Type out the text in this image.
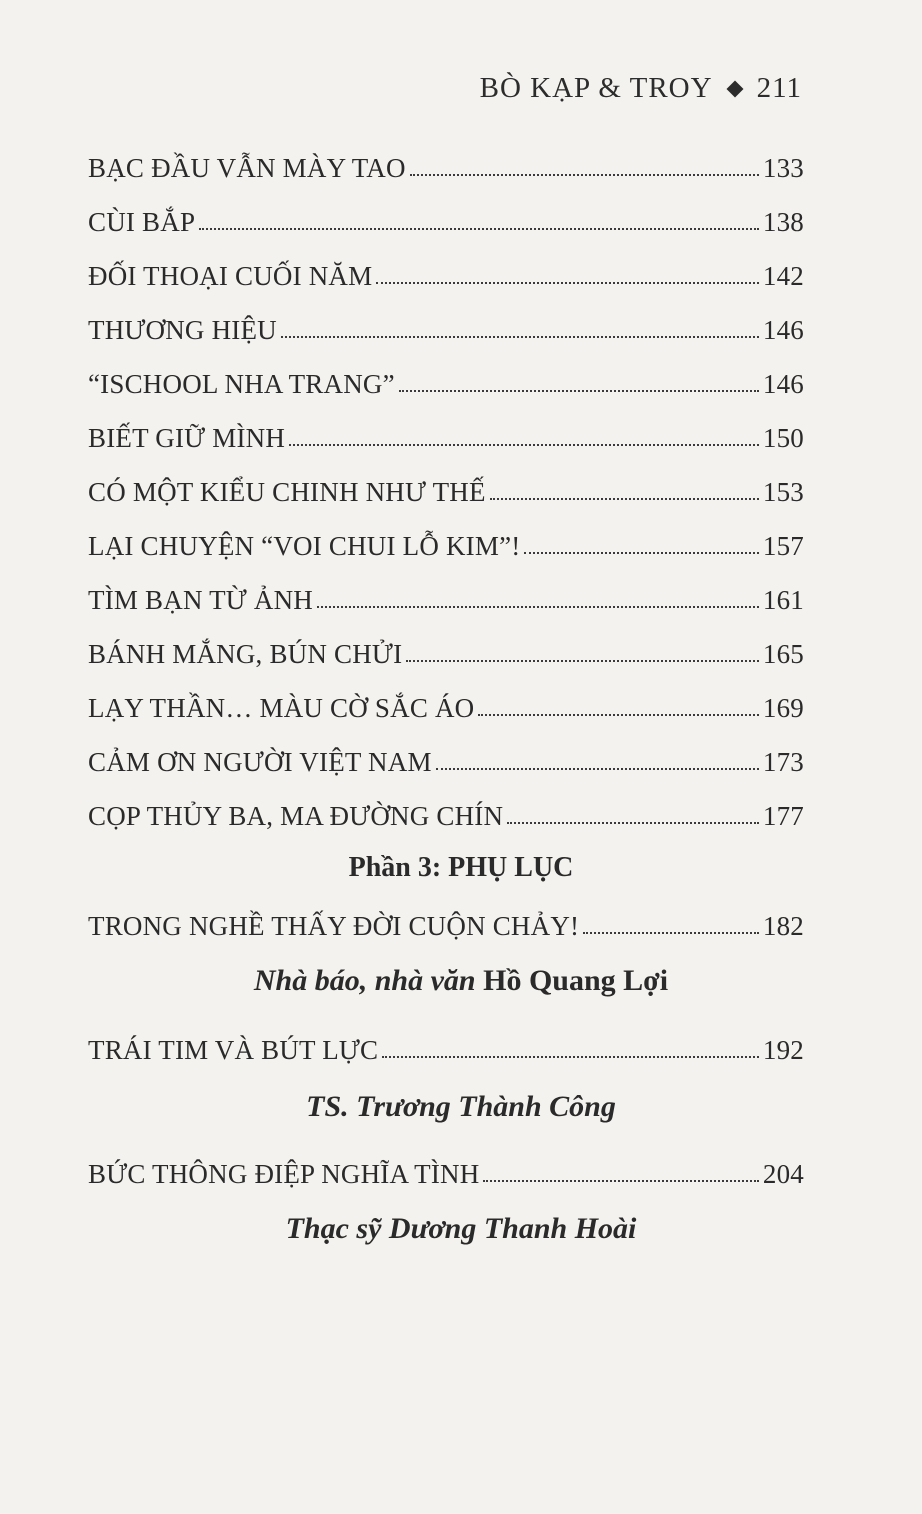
BÒ KẠP & TROY 211
BẠC ĐẦU VẪN MÀY TAO	133
CÙI BẮP	138
ĐỐI THOẠI CUỐI NĂM	142
THƯƠNG HIỆU	146
“ISCHOOL NHA TRANG”	146
BIẾT GIỮ MÌNH	150
CÓ MỘT KIỂU CHINH NHƯ THẾ	153
LẠI CHUYỆN “VOI CHUI LỖ KIM”!	157
TÌM BẠN TỪ ẢNH	161
BÁNH MẮNG, BÚN CHỬI	165
LẠY THẦN… MÀU CỜ SẮC ÁO	169
CẢM ƠN NGƯỜI VIỆT NAM	173
CỌP THỦY BA, MA ĐƯỜNG CHÍN	177
TRONG NGHỀ THẤY ĐỜI CUỘN CHẢY!	182
TRÁI TIM VÀ BÚT LỰC	192
BỨC THÔNG ĐIỆP NGHĨA TÌNH	204
Phần 3: PHỤ LỤC
Nhà báo, nhà văn Hồ Quang Lợi
TS. Trương Thành Công
Thạc sỹ Dương Thanh Hoài
